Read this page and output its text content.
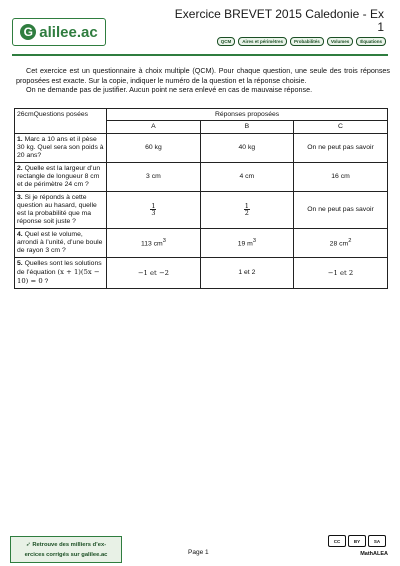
G alilee.ac
Exercice BREVET 2015 Caledonie - Ex
1
QCM	Aires et périmètres	Probabilités	Volumes	Équations

Cet exercice est un questionnaire à choix multiple (QCM). Pour chaque question, une seule des trois réponses proposées est exacte. Sur la copie, indiquer le numéro de la question et la réponse choisie.

On ne demande pas de justifier. Aucun point ne sera enlevé en cas de mauvaise réponse.

26cmQuestions posées	Réponses proposées		
	A	B	C
1. Marc a 10 ans et il pèse 30 kg. Quel sera son poids à 20 ans?	60 kg	40 kg	On ne peut pas savoir
2. Quelle est la largeur d’un rectangle de longueur 8 cm et de périmètre 24 cm ?	3 cm	4 cm	16 cm
3. Si je réponds à cette question au hasard, quelle est la probabilité que ma réponse soit juste ?	$\frac{1}{3}$	$\frac{1}{2}$	On ne peut pas savoir
4. Quel est le volume, arrondi à l’unité, d’une boule de rayon 3 cm ?	113 $cm^3$	19 $m^3$	28 $cm^2$
5. Quelles sont les solutions de l’équation (x + 1)(5x − 10) = 0 ?	−1 et −2	1 et 2	−1 et 2
➶ Retrouve des milliers d’ex-
ercices corrigés sur galilee.ac	Page 1
CC	BY	SA
MathALEA
